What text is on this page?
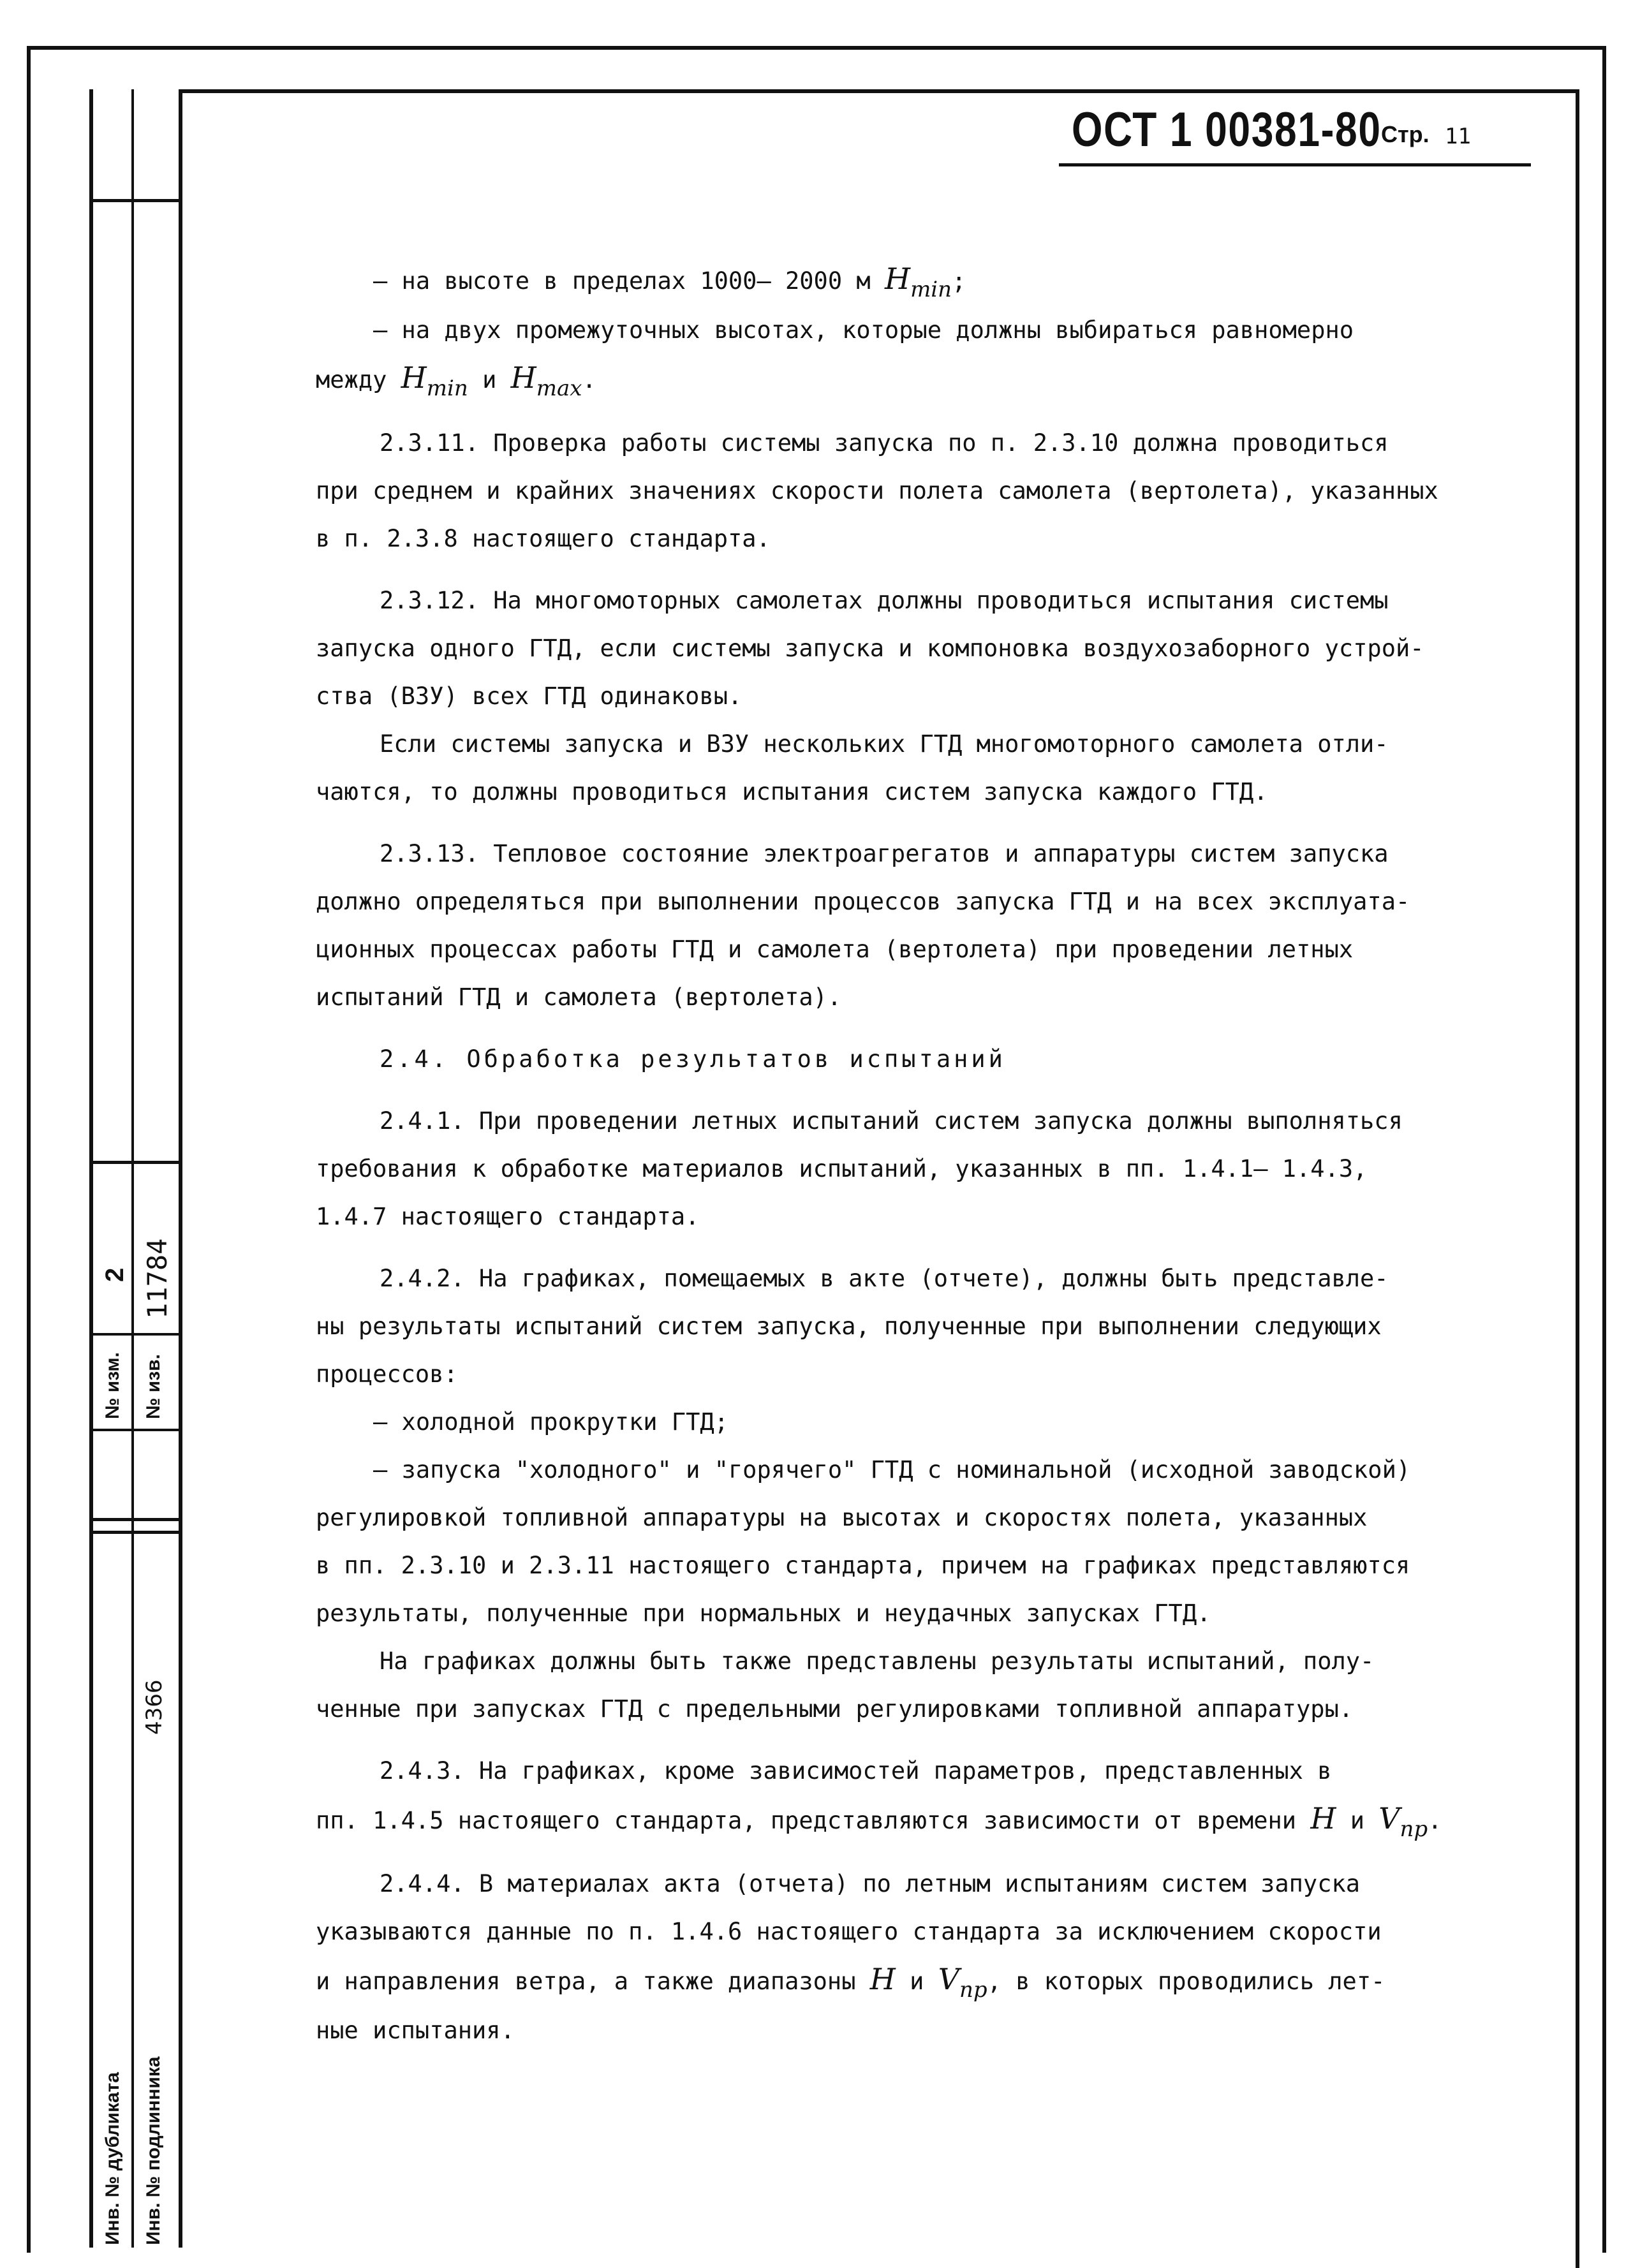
2 11784
№ изм. № изв.
4366
Инв. № дубликата Инв. № подлинника
ОСТ 1 00381-80 Стр. 11
– на высоте в пределах 1000– 2000 м Hmin;
– на двух промежуточных высотах, которые должны выбираться равномерно
между Hmin и Hmax.
2.3.11. Проверка работы системы запуска по п. 2.3.10 должна проводиться
при среднем и крайних значениях скорости полета самолета (вертолета), указанных
в п. 2.3.8 настоящего стандарта.
2.3.12. На многомоторных самолетах должны проводиться испытания системы
запуска одного ГТД, если системы запуска и компоновка воздухозаборного устрой-
ства (ВЗУ) всех ГТД одинаковы.
Если системы запуска и ВЗУ нескольких ГТД многомоторного самолета отли-
чаются, то должны проводиться испытания систем запуска каждого ГТД.
2.3.13. Тепловое состояние электроагрегатов и аппаратуры систем запуска
должно определяться при выполнении процессов запуска ГТД и на всех эксплуата-
ционных процессах работы ГТД и самолета (вертолета) при проведении летных
испытаний ГТД и самолета (вертолета).
2.4. Обработка результатов испытаний
2.4.1. При проведении летных испытаний систем запуска должны выполняться
требования к обработке материалов испытаний, указанных в пп. 1.4.1– 1.4.3,
1.4.7 настоящего стандарта.
2.4.2. На графиках, помещаемых в акте (отчете), должны быть представле-
ны результаты испытаний систем запуска, полученные при выполнении следующих
процессов:
– холодной прокрутки ГТД;
– запуска "холодного" и "горячего" ГТД с номинальной (исходной заводской)
регулировкой топливной аппаратуры на высотах и скоростях полета, указанных
в пп. 2.3.10 и 2.3.11 настоящего стандарта, причем на графиках представляются
результаты, полученные при нормальных и неудачных запусках ГТД.
На графиках должны быть также представлены результаты испытаний, полу-
ченные при запусках ГТД с предельными регулировками топливной аппаратуры.
2.4.3. На графиках, кроме зависимостей параметров, представленных в
пп. 1.4.5 настоящего стандарта, представляются зависимости от времени H и Vпр.
2.4.4. В материалах акта (отчета) по летным испытаниям систем запуска
указываются данные по п. 1.4.6 настоящего стандарта за исключением скорости
и направления ветра, а также диапазоны H и Vпр, в которых проводились лет-
ные испытания.
